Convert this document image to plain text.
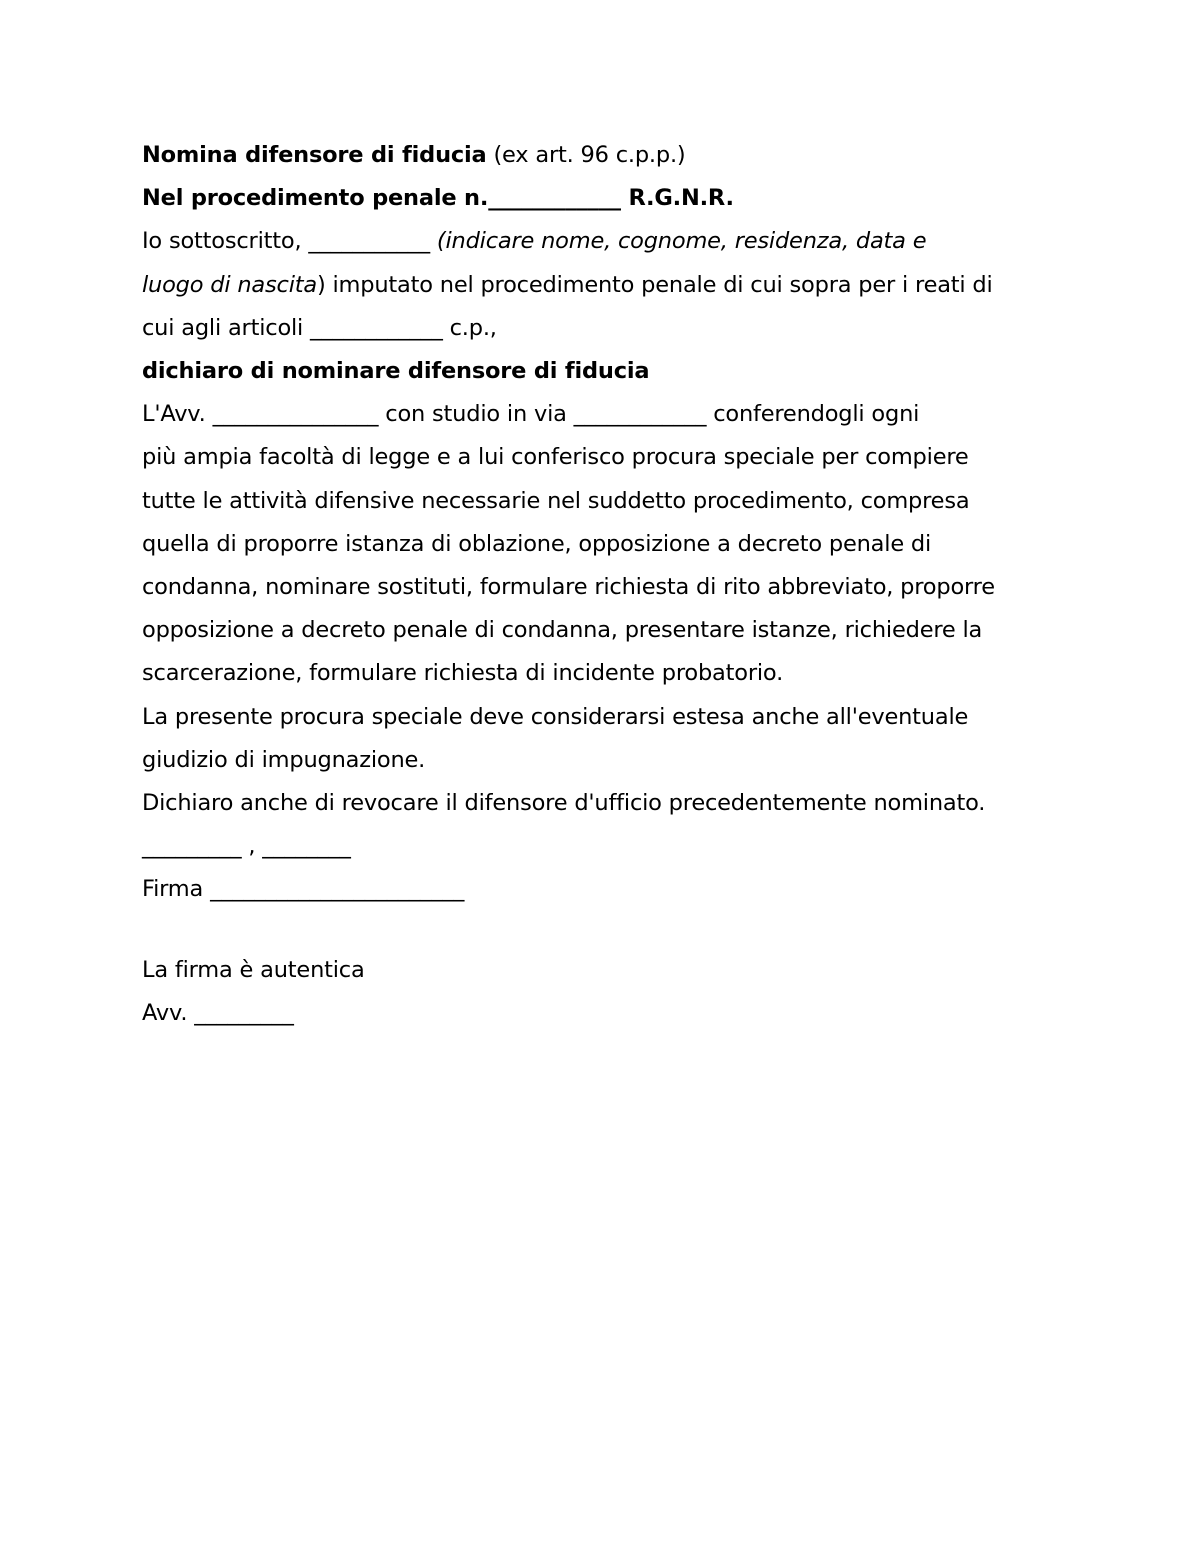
Nomina difensore di fiducia (ex art. 96 c.p.p.)
Nel procedimento penale n.____________ R.G.N.R.
Io sottoscritto, ___________ (indicare nome, cognome, residenza, data e
luogo di nascita) imputato nel procedimento penale di cui sopra per i reati di
cui agli articoli ____________ c.p.,
dichiaro di nominare difensore di fiducia
L'Avv. _______________ con studio in via ____________ conferendogli ogni
più ampia facoltà di legge e a lui conferisco procura speciale per compiere
tutte le attività difensive necessarie nel suddetto procedimento, compresa
quella di proporre istanza di oblazione, opposizione a decreto penale di
condanna, nominare sostituti, formulare richiesta di rito abbreviato, proporre
opposizione a decreto penale di condanna, presentare istanze, richiedere la
scarcerazione, formulare richiesta di incidente probatorio.
La presente procura speciale deve considerarsi estesa anche all'eventuale
giudizio di impugnazione.
Dichiaro anche di revocare il difensore d'ufficio precedentemente nominato.
_________ , ________
Firma _______________________
La firma è autentica
Avv. _________
